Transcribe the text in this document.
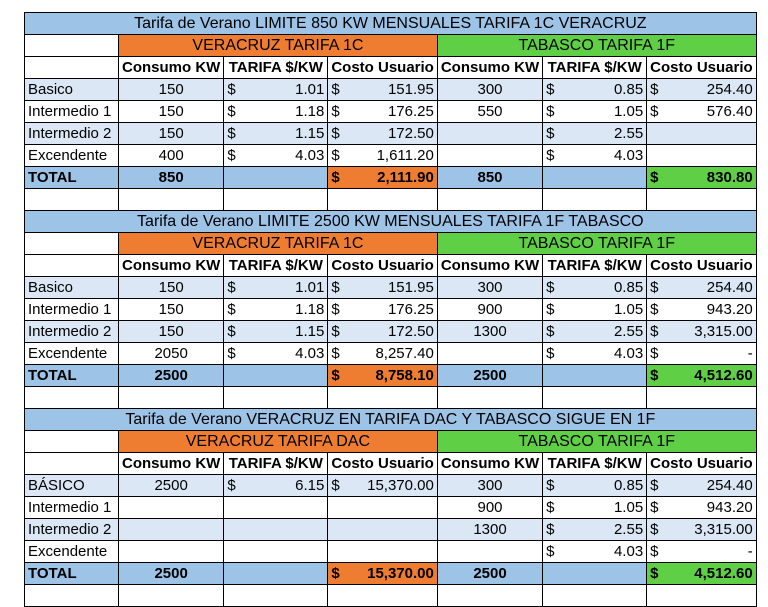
Tarifa de Verano LIMITE 850 KW MENSUALES TARIFA 1C VERACRUZ						
	VERACRUZ TARIFA 1C			TABASCO TARIFA 1F		
	Consumo KW	TARIFA $/KW	Costo Usuario	Consumo KW	TARIFA $/KW	Costo Usuario
Basico	150	$ 1.01	$ 151.95	300	$ 0.85	$ 254.40

Intermedio 1	150	$ 1.18	$ 176.25	550	$ 1.05	$ 576.40

Intermedio 2	150	$ 1.15	$ 172.50		$ 2.55	

Excendente	400	$ 4.03	$ 1,611.20		$ 4.03	

TOTAL	850		$ 2,111.90	850		$ 830.80

Tarifa de Verano LIMITE 2500 KW MENSUALES TARIFA 1F TABASCO						
	VERACRUZ TARIFA 1C			TABASCO TARIFA 1F		
	Consumo KW	TARIFA $/KW	Costo Usuario	Consumo KW	TARIFA $/KW	Costo Usuario
Basico	150	$ 1.01	$ 151.95	300	$ 0.85	$ 254.40

Intermedio 1	150	$ 1.18	$ 176.25	900	$ 1.05	$ 943.20

Intermedio 2	150	$ 1.15	$ 172.50	1300	$ 2.55	$ 3,315.00

Excendente	2050	$ 4.03	$ 8,257.40		$ 4.03	$ -

TOTAL	2500		$ 8,758.10	2500		$ 4,512.60

Tarifa de Verano VERACRUZ EN TARIFA DAC Y TABASCO SIGUE EN 1F						
	VERACRUZ TARIFA DAC			TABASCO TARIFA 1F		
	Consumo KW	TARIFA $/KW	Costo Usuario	Consumo KW	TARIFA $/KW	Costo Usuario
BÁSICO	2500	$ 6.15	$ 15,370.00	300	$ 0.85	$ 254.40

Intermedio 1				900	$ 1.05	$ 943.20

Intermedio 2				1300	$ 2.55	$ 3,315.00

Excendente					$ 4.03	$ -

TOTAL	2500		$ 15,370.00	2500		$ 4,512.60
